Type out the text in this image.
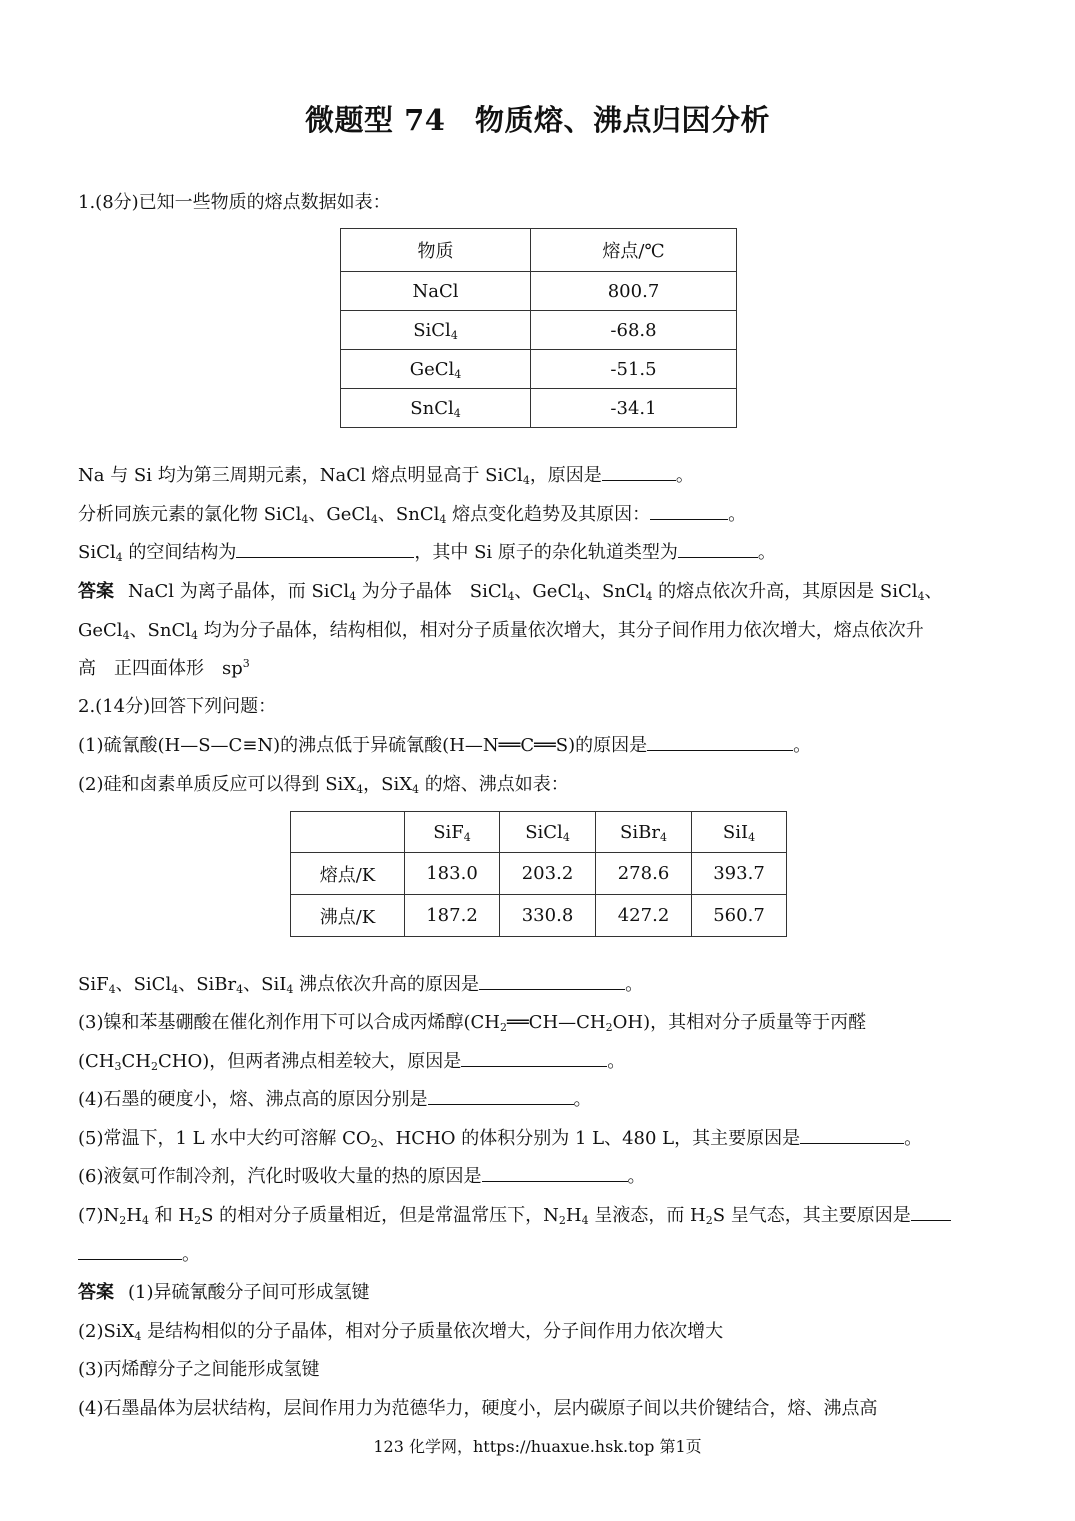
微题型 74　物质熔、沸点归因分析
1.(8分)已知一些物质的熔点数据如表：
物质	熔点/℃
NaCl	800.7
SiCl$_4$	-68.8
GeCl$_4$	-51.5
SnCl$_4$	-34.1
Na 与 Si 均为第三周期元素，NaCl 熔点明显高于 SiCl$_4$，原因是	。
分析同族元素的氯化物 SiCl$_4$、GeCl$_4$、SnCl$_4$ 熔点变化趋势及其原因：	。
SiCl$_4$ 的空间结构为	，其中 Si 原子的杂化轨道类型为	。
答案 NaCl 为离子晶体，而 SiCl$_4$ 为分子晶体　SiCl$_4$、GeCl$_4$、SnCl$_4$ 的熔点依次升高，其原因是 SiCl$_4$、
GeCl$_4$、SnCl$_4$ 均为分子晶体，结构相似，相对分子质量依次增大，其分子间作用力依次增大，熔点依次升
高　正四面体形　$sp^3$
2.(14分)回答下列问题：
(1)硫氰酸(H—S—C≡N)的沸点低于异硫氰酸(H—N══C══S)的原因是	。
(2)硅和卤素单质反应可以得到 SiX$_4$，SiX$_4$ 的熔、沸点如表：
	SiF$_4$	SiCl$_4$	SiBr$_4$	SiI$_4$
熔点/K	183.0	203.2	278.6	393.7
沸点/K	187.2	330.8	427.2	560.7
SiF$_4$、SiCl$_4$、SiBr$_4$、SiI$_4$ 沸点依次升高的原因是	。
(3)镍和苯基硼酸在催化剂作用下可以合成丙烯醇$(CH_2══CH—CH_2OH)$，其相对分子质量等于丙醛
$(CH_3CH_2CHO)$，但两者沸点相差较大，原因是	。
(4)石墨的硬度小，熔、沸点高的原因分别是	。
(5)常温下，1 L 水中大约可溶解 $CO_2$、HCHO 的体积分别为 1 L、480 L，其主要原因是	。
(6)液氨可作制冷剂，汽化时吸收大量的热的原因是	。
$(7)N_2H_4$ 和 $H_2S$ 的相对分子质量相近，但是常温常压下，$N_2H_4$ 呈液态，而 $H_2S$ 呈气态，其主要原因是
。
答案 (1)异硫氰酸分子间可形成氢键
(2)SiX$_4$ 是结构相似的分子晶体，相对分子质量依次增大，分子间作用力依次增大
(3)丙烯醇分子之间能形成氢键
(4)石墨晶体为层状结构，层间作用力为范德华力，硬度小，层内碳原子间以共价键结合，熔、沸点高
123 化学网，https://huaxue.hsk.top 第1页
